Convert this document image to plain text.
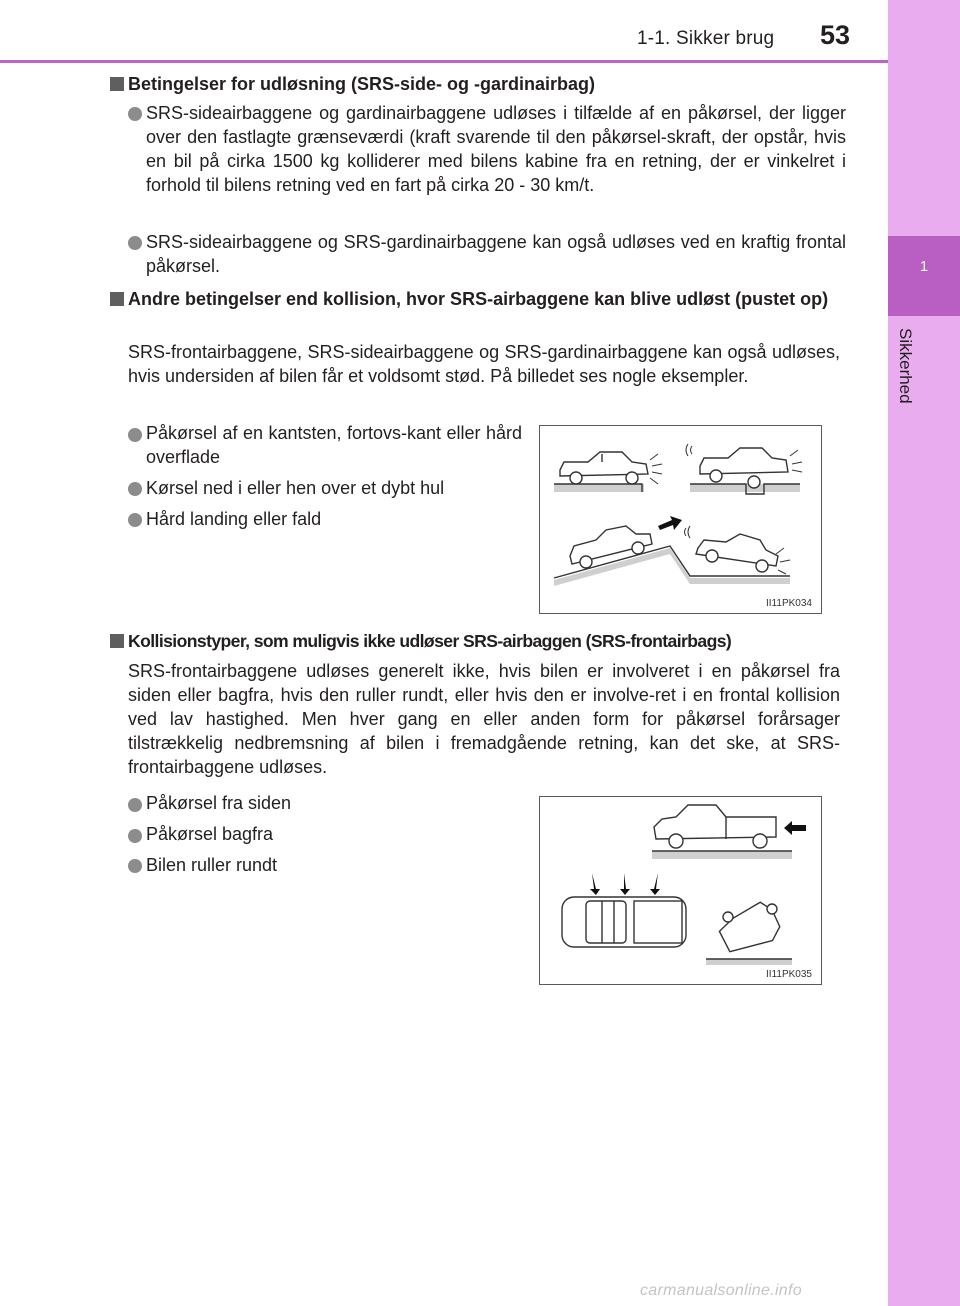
1-1. Sikker brug 53
1
Sikkerhed
Betingelser for udløsning (SRS-side- og -gardinairbag)
SRS-sideairbaggene og gardinairbaggene udløses i tilfælde af en påkørsel, der ligger over den fastlagte grænseværdi (kraft svarende til den påkørsel-skraft, der opstår, hvis en bil på cirka 1500 kg kolliderer med bilens kabine fra en retning, der er vinkelret i forhold til bilens retning ved en fart på cirka 20 - 30 km/t.
SRS-sideairbaggene og SRS-gardinairbaggene kan også udløses ved en kraftig frontal påkørsel.
Andre betingelser end kollision, hvor SRS-airbaggene kan blive udløst (pustet op)
SRS-frontairbaggene, SRS-sideairbaggene og SRS-gardinairbaggene kan også udløses, hvis undersiden af bilen får et voldsomt stød. På billedet ses nogle eksempler.
Påkørsel af en kantsten, fortovs-kant eller hård overflade
Kørsel ned i eller hen over et dybt hul
Hård landing eller fald
II11PK034
Kollisionstyper, som muligvis ikke udløser SRS-airbaggen (SRS-frontairbags)
SRS-frontairbaggene udløses generelt ikke, hvis bilen er involveret i en påkørsel fra siden eller bagfra, hvis den ruller rundt, eller hvis den er involve-ret i en frontal kollision ved lav hastighed. Men hver gang en eller anden form for påkørsel forårsager tilstrækkelig nedbremsning af bilen i fremadgående retning, kan det ske, at SRS-frontairbaggene udløses.
Påkørsel fra siden
Påkørsel bagfra
Bilen ruller rundt
II11PK035
carmanualsonline.info
